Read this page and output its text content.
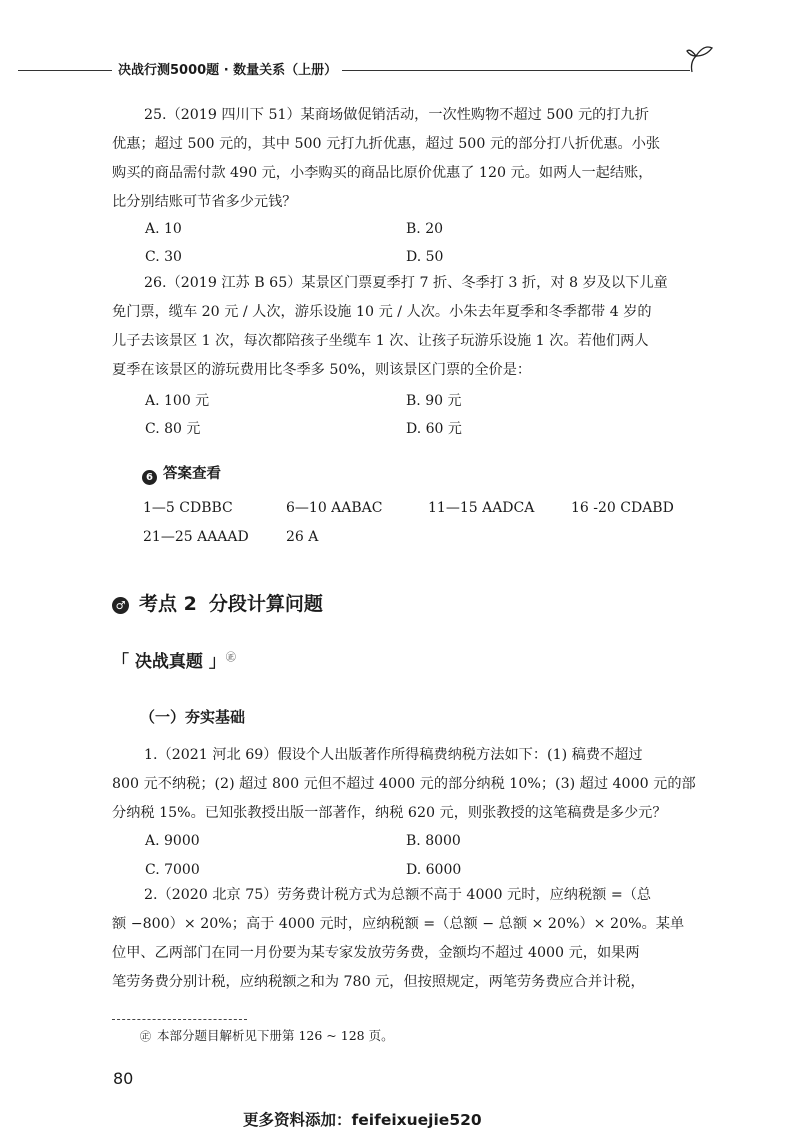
决战行测5000题 · 数量关系（上册）
25.（2019 四川下 51）某商场做促销活动，一次性购物不超过 500 元的打九折
优惠；超过 500 元的，其中 500 元打九折优惠，超过 500 元的部分打八折优惠。小张
购买的商品需付款 490 元，小李购买的商品比原价优惠了 120 元。如两人一起结账，
比分别结账可节省多少元钱？
A. 10	B. 20
C. 30	D. 50
26.（2019 江苏 B 65）某景区门票夏季打 7 折、冬季打 3 折，对 8 岁及以下儿童
免门票，缆车 20 元 / 人次，游乐设施 10 元 / 人次。小朱去年夏季和冬季都带 4 岁的
儿子去该景区 1 次，每次都陪孩子坐缆车 1 次、让孩子玩游乐设施 1 次。若他们两人
夏季在该景区的游玩费用比冬季多 50%，则该景区门票的全价是：
A. 100 元	B. 90 元
C. 80 元	D. 60 元
6 答案查看
1—5 CDBBC	6—10 AABAC	11—15 AADCA	16 -20 CDABD
21—25 AAAAD	26 A
♂ 考点 2 分段计算问题
「 决战真题 」㊣
（一）夯实基础
1.（2021 河北 69）假设个人出版著作所得稿费纳税方法如下：(1) 稿费不超过
800 元不纳税；(2) 超过 800 元但不超过 4000 元的部分纳税 10%；(3) 超过 4000 元的部
分纳税 15%。已知张教授出版一部著作，纳税 620 元，则张教授的这笔稿费是多少元？
A. 9000	B. 8000
C. 7000	D. 6000
2.（2020 北京 75）劳务费计税方式为总额不高于 4000 元时，应纳税额 =（总
额 −800）× 20%；高于 4000 元时，应纳税额 =（总额 − 总额 × 20%）× 20%。某单
位甲、乙两部门在同一月份要为某专家发放劳务费，金额均不超过 4000 元，如果两
笔劳务费分别计税，应纳税额之和为 780 元，但按照规定，两笔劳务费应合并计税，
㊣ 本部分题目解析见下册第 126 ~ 128 页。
80
更多资料添加：feifeixuejie520
